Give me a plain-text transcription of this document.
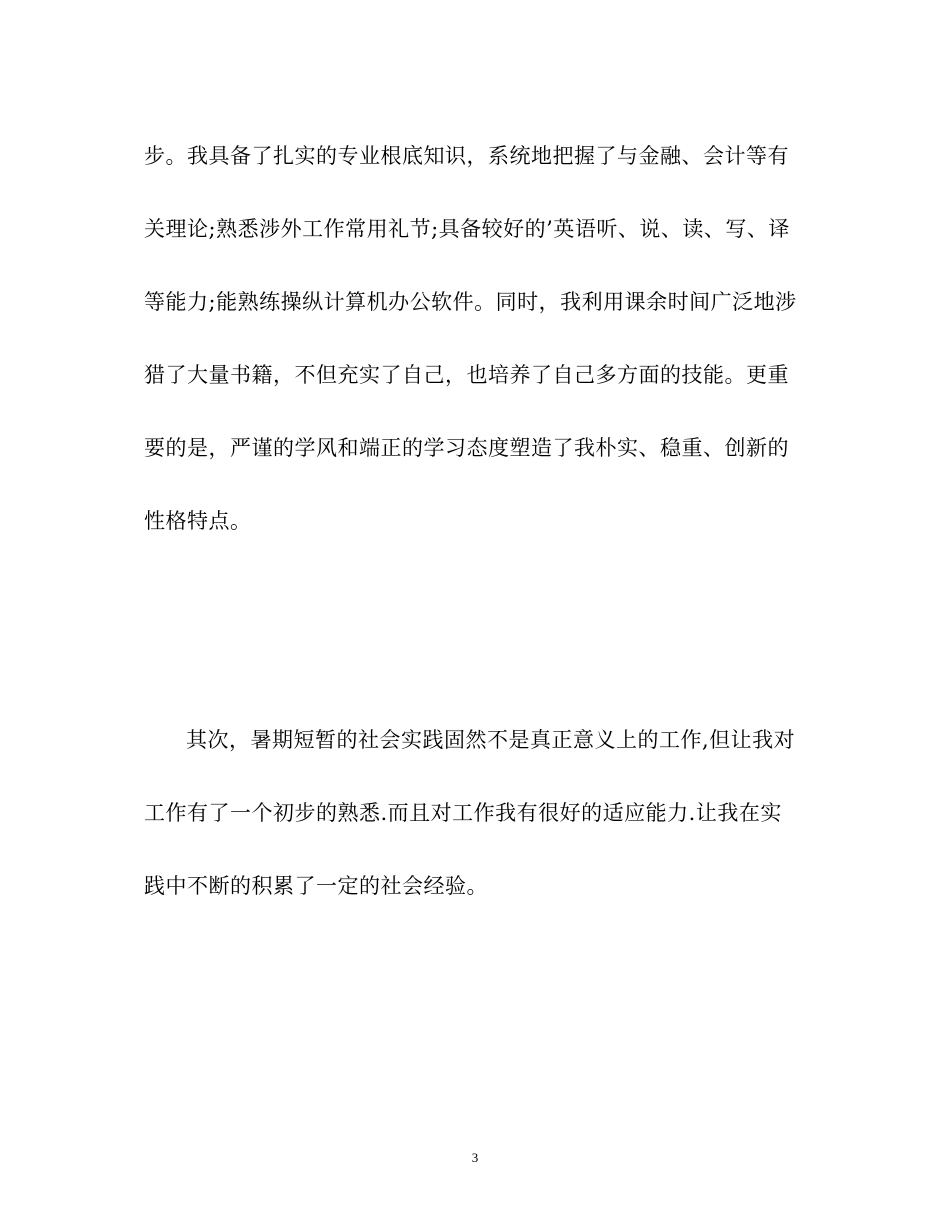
步。我具备了扎实的专业根底知识，系统地把握了与金融、会计等有
关理论;熟悉涉外工作常用礼节;具备较好的’英语听、说、读、写、译
等能力;能熟练操纵计算机办公软件。同时，我利用课余时间广泛地涉
猎了大量书籍，不但充实了自己，也培养了自己多方面的技能。更重
要的是，严谨的学风和端正的学习态度塑造了我朴实、稳重、创新的
性格特点。
其次，暑期短暂的社会实践固然不是真正意义上的工作,但让我对
工作有了一个初步的熟悉.而且对工作我有很好的适应能力.让我在实
践中不断的积累了一定的社会经验。
3
